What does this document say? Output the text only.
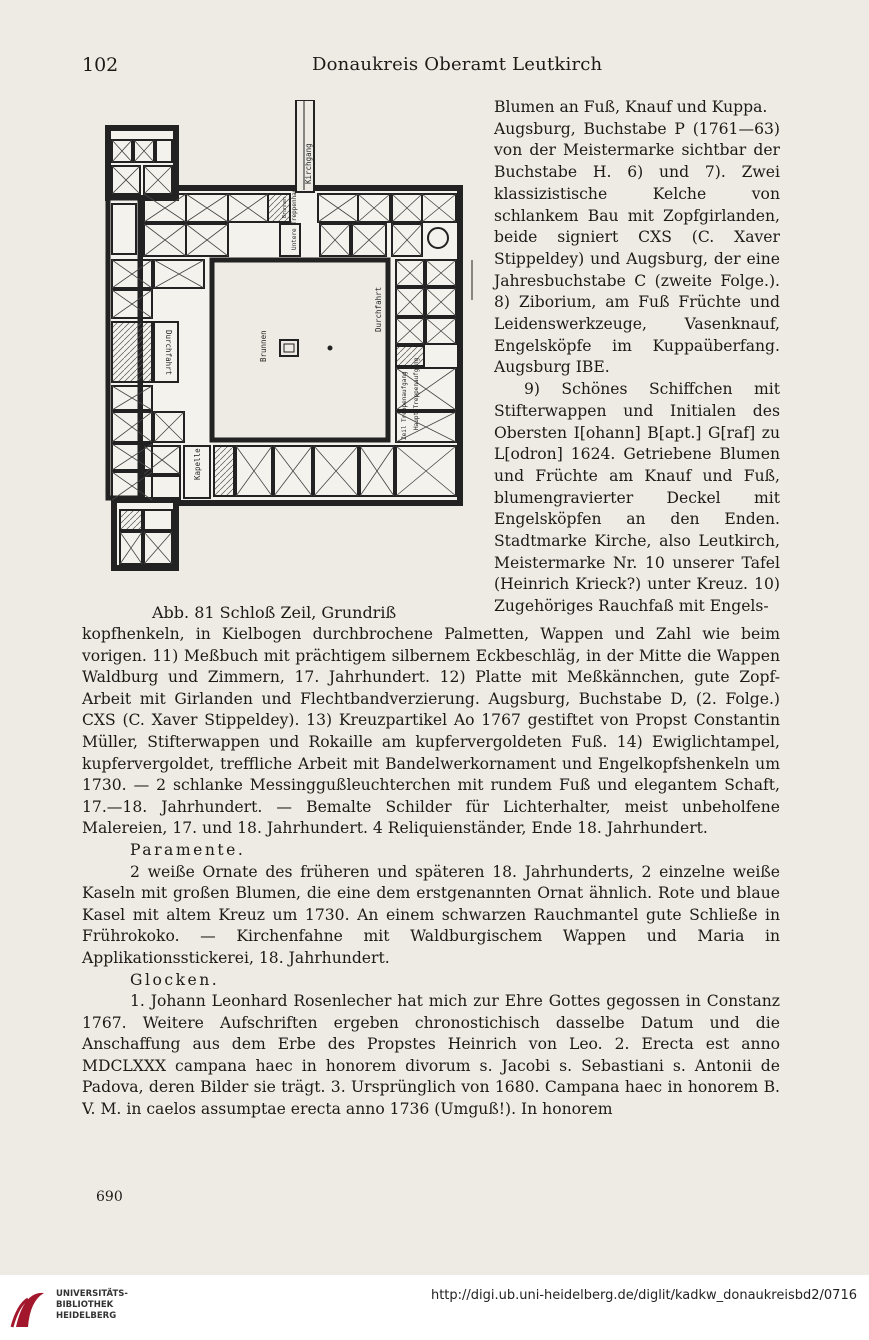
102	Donaukreis Oberamt Leutkirch
Kirchgang
Untere Treppenhaus
Durchfahrt
Durchfahrt
Brunnen
Haupt-Treppenaufgang
Zeil Treppenaufgang
Kapelle
Brunnen
Abb. 81 Schloß Zeil, Grundriß

Blumen an Fuß, Knauf und Kuppa.

Augsburg, Buchstabe P (1761—63) von der Meistermarke sichtbar der Buchstabe H. 6) und 7). Zwei klassizistische Kelche von schlankem Bau mit Zopfgirlanden, beide signiert CXS (C. Xaver Stippeldey) und Augsburg, der eine Jahresbuchstabe C (zweite Folge.). 8) Ziborium, am Fuß Früchte und Leidenswerkzeuge, Vasenknauf, Engelsköpfe im Kuppaüberfang. Augsburg IBE.

9) Schönes Schiffchen mit Stifterwappen und Initialen des Obersten I[ohann] B[apt.] G[raf] zu L[odron] 1624. Getriebene Blumen und Früchte am Knauf und Fuß, blumengravierter Deckel mit Engelsköpfen an den Enden. Stadtmarke Kirche, also Leutkirch, Meistermarke Nr. 10 unserer Tafel (Heinrich Krieck?) unter Kreuz. 10) Zugehöriges Rauchfaß mit Engels-

kopfhenkeln, in Kielbogen durchbrochene Palmetten, Wappen und Zahl wie beim vorigen. 11) Meßbuch mit prächtigem silbernem Eckbeschläg, in der Mitte die Wappen Waldburg und Zimmern, 17. Jahrhundert. 12) Platte mit Meßkännchen, gute Zopf-Arbeit mit Girlanden und Flechtbandverzierung. Augsburg, Buchstabe D, (2. Folge.) CXS (C. Xaver Stippeldey). 13) Kreuzpartikel Ao 1767 gestiftet von Propst Constantin Müller, Stifterwappen und Rokaille am kupfervergoldeten Fuß. 14) Ewiglichtampel, kupfervergoldet, treffliche Arbeit mit Bandelwerkornament und Engelkopfshenkeln um 1730. — 2 schlanke Messinggußleuchterchen mit rundem Fuß und elegantem Schaft, 17.—18. Jahrhundert. — Bemalte Schilder für Lichterhalter, meist unbeholfene Malereien, 17. und 18. Jahrhundert. 4 Reliquienständer, Ende 18. Jahrhundert.

Paramente.

2 weiße Ornate des früheren und späteren 18. Jahrhunderts, 2 einzelne weiße Kaseln mit großen Blumen, die eine dem erstgenannten Ornat ähnlich. Rote und blaue Kasel mit altem Kreuz um 1730. An einem schwarzen Rauchmantel gute Schließe in Frührokoko. — Kirchenfahne mit Waldburgischem Wappen und Maria in Applikationsstickerei, 18. Jahrhundert.

Glocken.

1. Johann Leonhard Rosenlecher hat mich zur Ehre Gottes gegossen in Constanz 1767. Weitere Aufschriften ergeben chronostichisch dasselbe Datum und die Anschaffung aus dem Erbe des Propstes Heinrich von Leo. 2. Erecta est anno MDCLXXX campana haec in honorem divorum s. Jacobi s. Sebastiani s. Antonii de Padova, deren Bilder sie trägt. 3. Ursprünglich von 1680. Campana haec in honorem B. V. M. in caelos assumptae erecta anno 1736 (Umguß!). In honorem

690
UNIVERSITÄTS-
BIBLIOTHEK
HEIDELBERG
http://digi.ub.uni-heidelberg.de/diglit/kadkw_donaukreisbd2/0716
